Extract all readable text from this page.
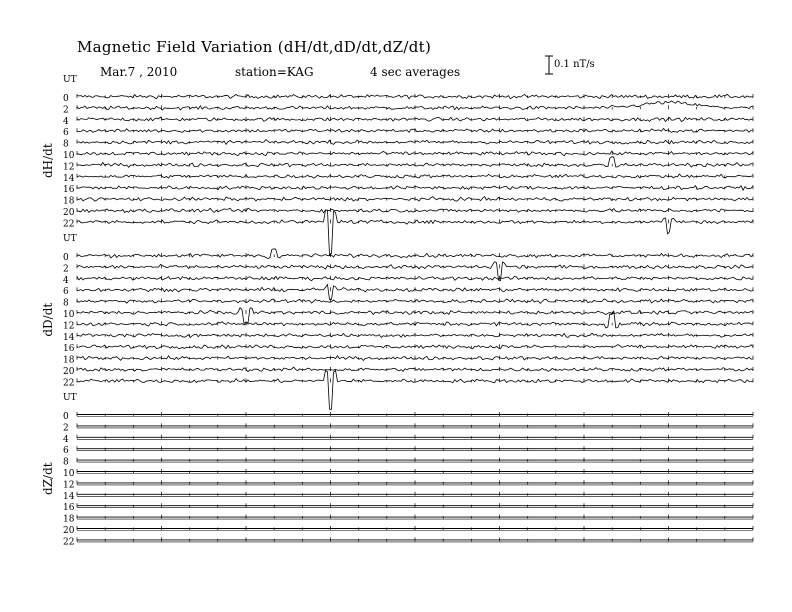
UT
dH/dt
0
2
4
6
8
10
12
14
16
18
20
22
UT
dD/dt
0
2
4
6
8
10
12
14
16
18
20
22
UT
dZ/dt
0
2
4
6
8
10
12
14
16
18
20
22
Magnetic Field Variation (dH/dt,dD/dt,dZ/dt)
Mar.7 , 2010	station=KAG	4 sec averages
0.1 nT/s
